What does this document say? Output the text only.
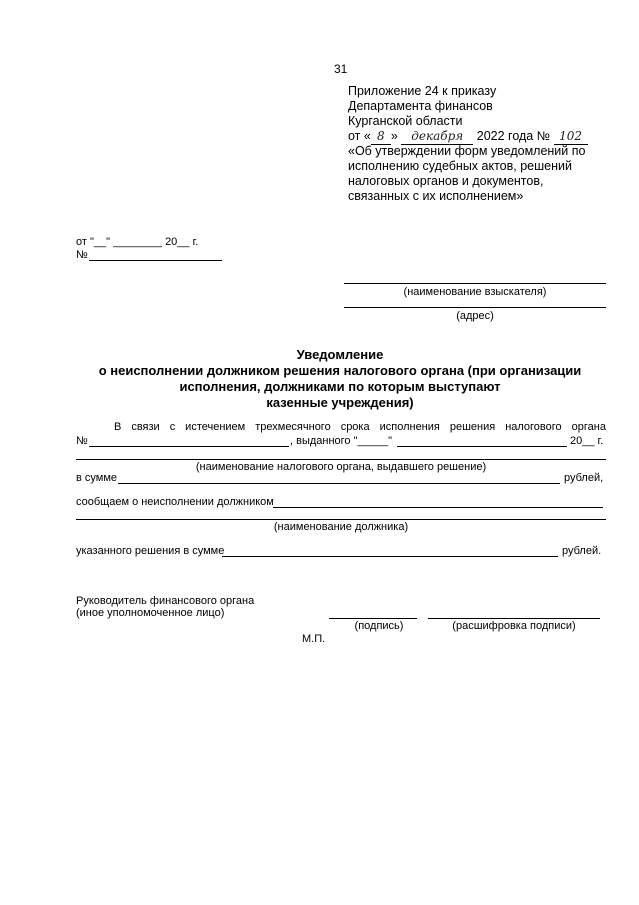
31
Приложение 24 к приказу
Департамента финансов
Курганской области
от « 8 » декабря 2022 года № 102
«Об утверждении форм уведомлений по
исполнению судебных актов, решений
налоговых органов и документов,
связанных с их исполнением»
от "__" ________ 20__ г.
№
(наименование взыскателя)
(адрес)
Уведомление
о неисполнении должником решения налогового органа (при организации
исполнения, должниками по которым выступают
казенные учреждения)
В связи с истечением трехмесячного срока исполнения решения налогового органа
№	, выданного "_____"	20__ г.
(наименование налогового органа, выдавшего решение)
в сумме	рублей,
сообщаем о неисполнении должником
(наименование должника)
указанного решения в сумме	рублей.
Руководитель финансового органа
(иное уполномоченное лицо)
(подпись)	(расшифровка подписи)
М.П.
